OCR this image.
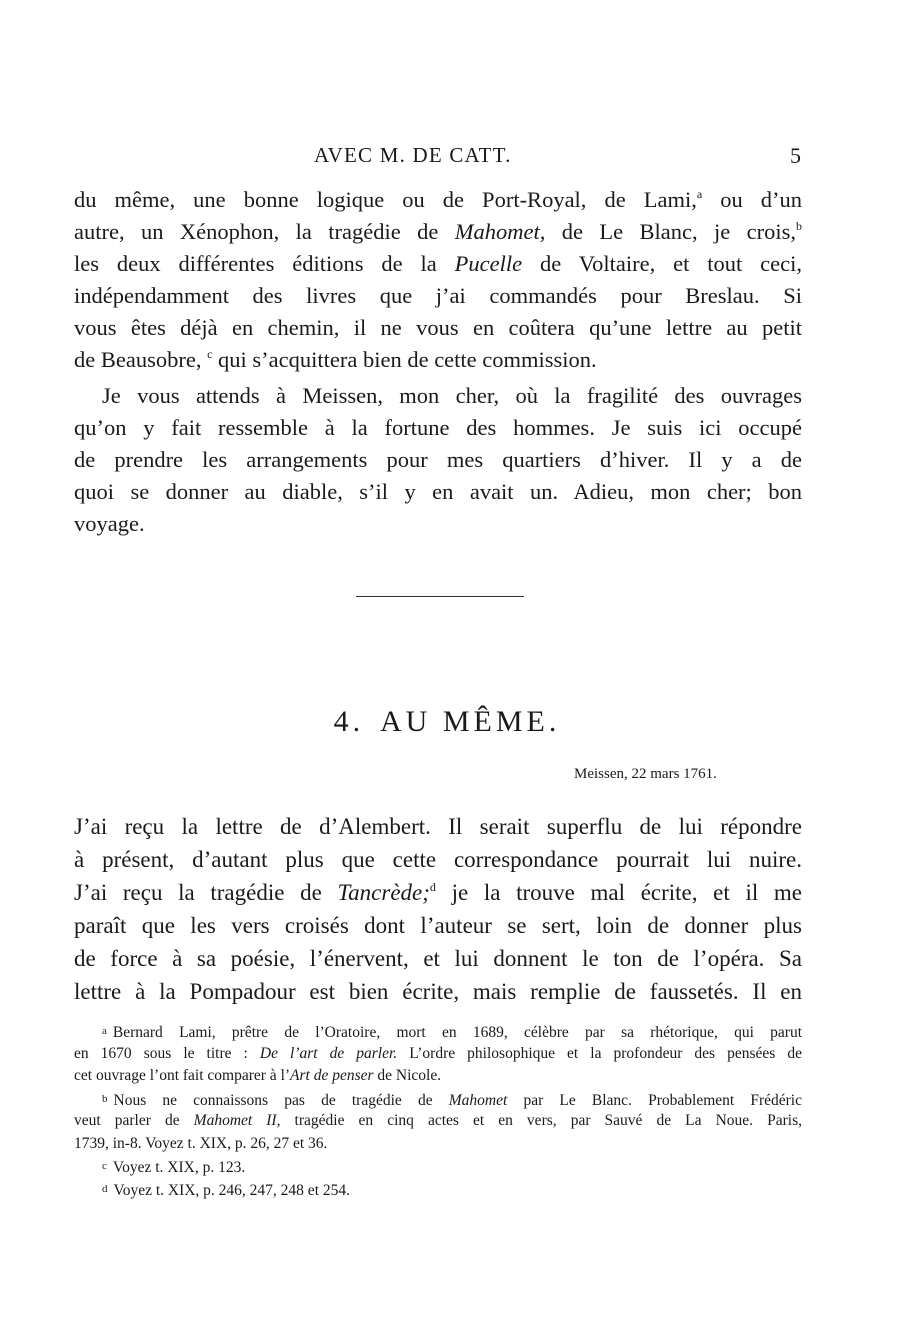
AVEC M. DE CATT.	5
du même, une bonne logique ou de Port-Royal, de Lami,$^a$ ou d’un
autre, un Xénophon, la tragédie de Mahomet, de Le Blanc, je crois,$^b$
les deux différentes éditions de la Pucelle de Voltaire, et tout ceci,
indépendamment des livres que j’ai commandés pour Breslau. Si
vous êtes déjà en chemin, il ne vous en coûtera qu’une lettre au petit
de Beausobre, $^c$ qui s’acquittera bien de cette commission.
Je vous attends à Meissen, mon cher, où la fragilité des ouvrages
qu’on y fait ressemble à la fortune des hommes. Je suis ici occupé
de prendre les arrangements pour mes quartiers d’hiver. Il y a de
quoi se donner au diable, s’il y en avait un. Adieu, mon cher; bon
voyage.
4. AU MÊME.
Meissen, 22 mars 1761.
J’ai reçu la lettre de d’Alembert. Il serait superflu de lui répondre
à présent, d’autant plus que cette correspondance pourrait lui nuire.
J’ai reçu la tragédie de Tancrède;$^d$ je la trouve mal écrite, et il me
paraît que les vers croisés dont l’auteur se sert, loin de donner plus
de force à sa poésie, l’énervent, et lui donnent le ton de l’opéra. Sa
lettre à la Pompadour est bien écrite, mais remplie de faussetés. Il en
a Bernard Lami, prêtre de l’Oratoire, mort en 1689, célèbre par sa rhétorique, qui parut
en 1670 sous le titre : De l’art de parler. L’ordre philosophique et la profondeur des pensées de
cet ouvrage l’ont fait comparer à l’Art de penser de Nicole.
b Nous ne connaissons pas de tragédie de Mahomet par Le Blanc. Probablement Frédéric
veut parler de Mahomet II, tragédie en cinq actes et en vers, par Sauvé de La Noue. Paris,
1739, in-8. Voyez t. XIX, p. 26, 27 et 36.
c Voyez t. XIX, p. 123.
d Voyez t. XIX, p. 246, 247, 248 et 254.
